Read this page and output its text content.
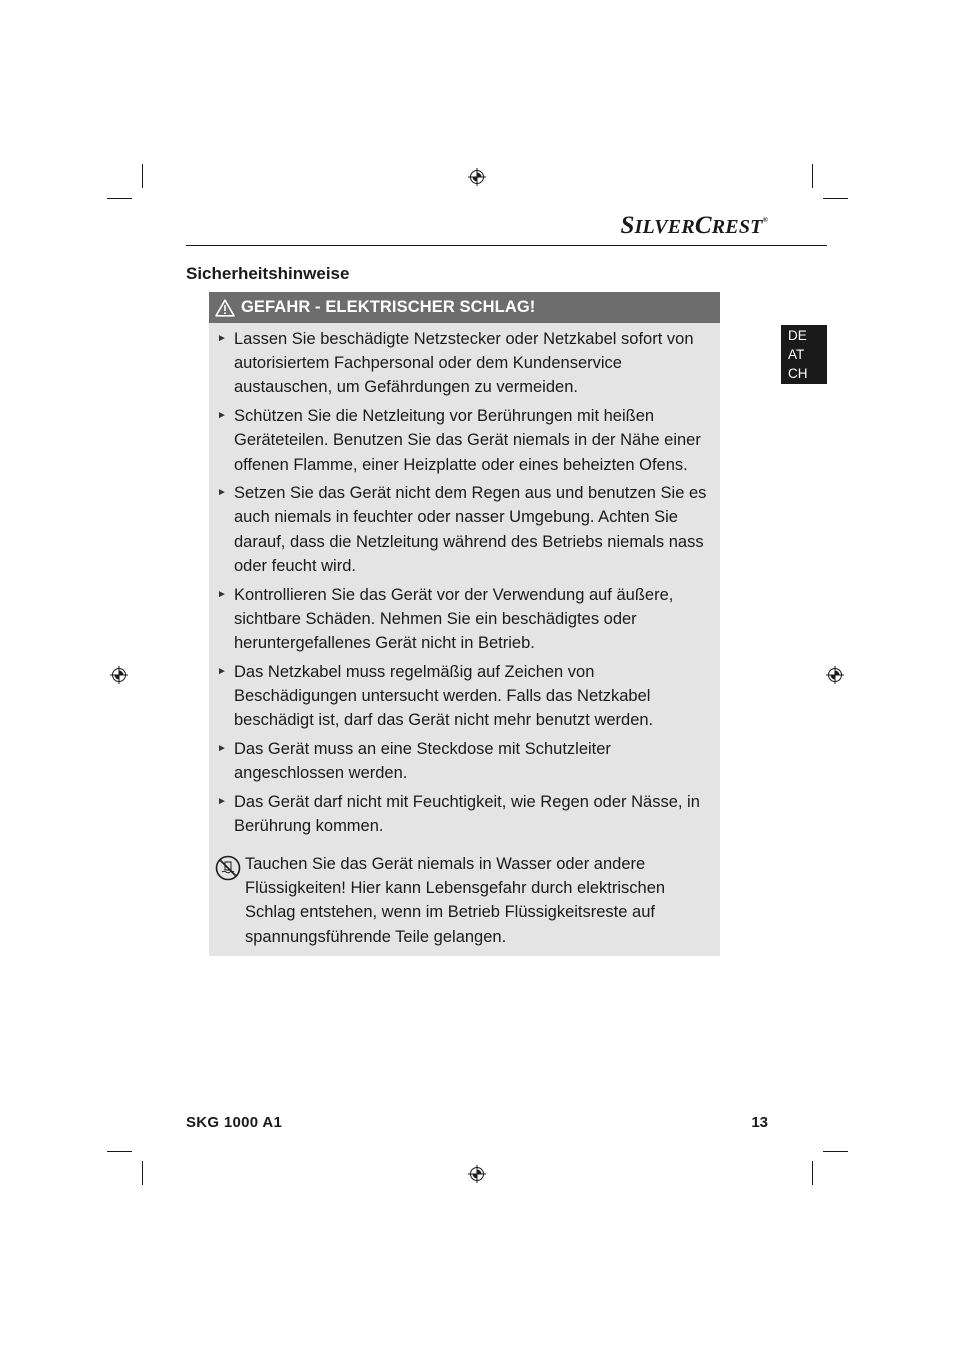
SILVERCREST®
Sicherheitshinweise
DE
AT
CH
GEFAHR - ELEKTRISCHER SCHLAG!
► Lassen Sie beschädigte Netzstecker oder Netzkabel sofort von autorisiertem Fachpersonal oder dem Kundenservice austauschen, um Gefährdungen zu vermeiden.
► Schützen Sie die Netzleitung vor Berührungen mit heißen Geräteteilen. Benutzen Sie das Gerät niemals in der Nähe einer offenen Flamme, einer Heizplatte oder eines beheizten Ofens.
► Setzen Sie das Gerät nicht dem Regen aus und benutzen Sie es auch niemals in feuchter oder nasser Umgebung. Achten Sie darauf, dass die Netzleitung während des Betriebs niemals nass oder feucht wird.
► Kontrollieren Sie das Gerät vor der Verwendung auf äußere, sichtbare Schäden. Nehmen Sie ein beschädigtes oder heruntergefallenes Gerät nicht in Betrieb.
► Das Netzkabel muss regelmäßig auf Zeichen von Beschädigungen untersucht werden. Falls das Netzkabel beschädigt ist, darf das Gerät nicht mehr benutzt werden.
► Das Gerät muss an eine Steckdose mit Schutzleiter angeschlossen werden.
► Das Gerät darf nicht mit Feuchtigkeit, wie Regen oder Nässe, in Berührung kommen.

Tauchen Sie das Gerät niemals in Wasser oder andere Flüssigkeiten! Hier kann Lebensgefahr durch elektrischen Schlag entstehen, wenn im Betrieb Flüssigkeitsreste auf spannungsführende Teile gelangen.

SKG 1000 A1	13
